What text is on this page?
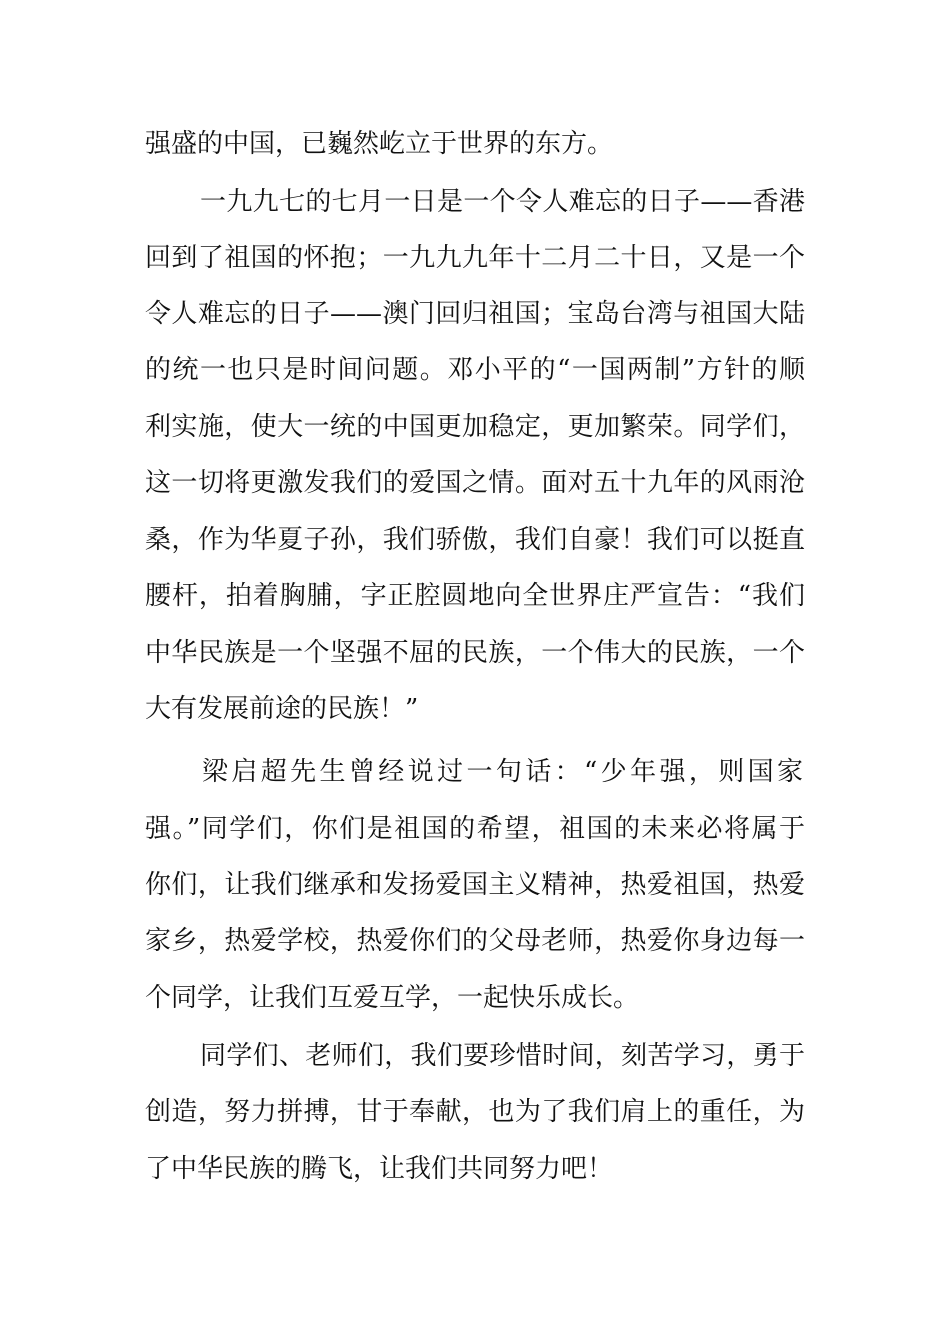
强盛的中国，已巍然屹立于世界的东方。
一九九七的七月一日是一个令人难忘的日子——香港
回到了祖国的怀抱；一九九九年十二月二十日，又是一个
令人难忘的日子——澳门回归祖国；宝岛台湾与祖国大陆
的统一也只是时间问题。邓小平的“一国两制”方针的顺
利实施，使大一统的中国更加稳定，更加繁荣。同学们，
这一切将更激发我们的爱国之情。面对五十九年的风雨沧
桑，作为华夏子孙，我们骄傲，我们自豪！我们可以挺直
腰杆，拍着胸脯，字正腔圆地向全世界庄严宣告：“我们
中华民族是一个坚强不屈的民族，一个伟大的民族，一个
大有发展前途的民族！”
梁启超先生曾经说过一句话：“少年强，则国家
强。”同学们，你们是祖国的希望，祖国的未来必将属于
你们，让我们继承和发扬爱国主义精神，热爱祖国，热爱
家乡，热爱学校，热爱你们的父母老师，热爱你身边每一
个同学，让我们互爱互学，一起快乐成长。
同学们、老师们，我们要珍惜时间，刻苦学习，勇于
创造，努力拼搏，甘于奉献，也为了我们肩上的重任，为
了中华民族的腾飞，让我们共同努力吧！
